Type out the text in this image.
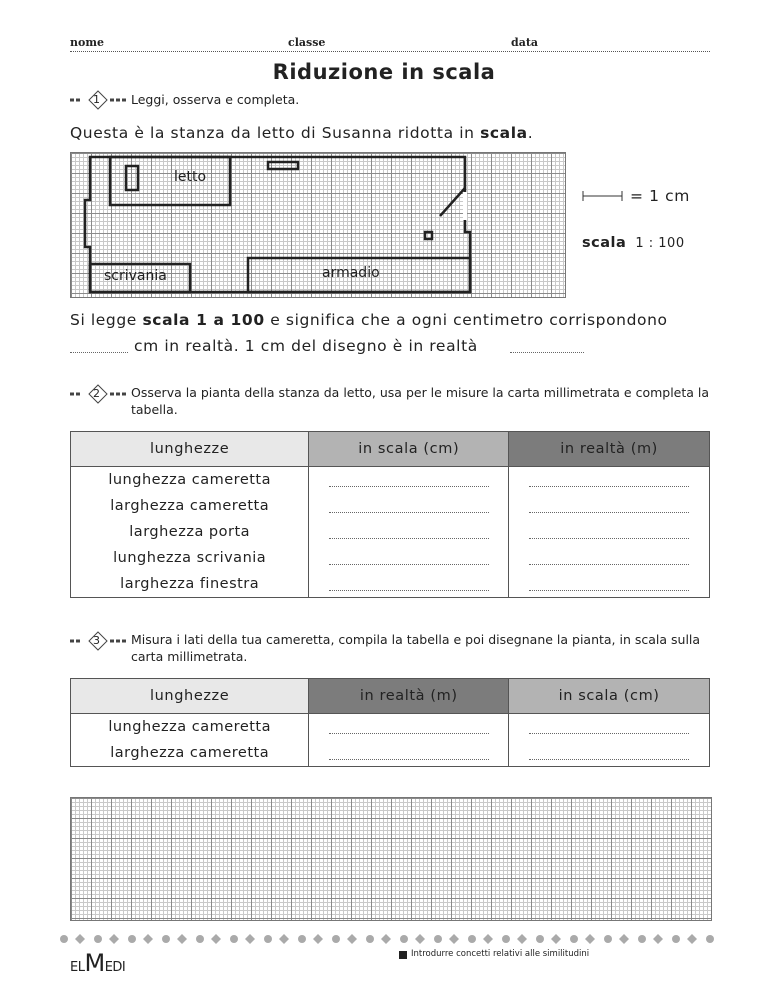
nome	classe	data
Riduzione in scala
1 Leggi, osserva e completa.
Questa è la stanza da letto di Susanna ridotta in scala.
letto
scrivania	armadio
= 1 cm
scala 1 : 100
Si legge scala 1 a 100 e significa che a ogni centimetro corrispondono
cm in realtà. 1 cm del disegno è in realtà
2 Osserva la pianta della stanza da letto, usa per le misure la carta millimetrata e completa la tabella.
lunghezze	in scala (cm)	in realtà (m)
lunghezza cameretta	

larghezza cameretta	

larghezza porta	

lunghezza scrivania	

larghezza finestra	

3 Misura i lati della tua cameretta, compila la tabella e poi disegnane la pianta, in scala sulla carta millimetrata.
lunghezze	in realtà (m)	in scala (cm)
lunghezza cameretta	

larghezza cameretta	

ELMEDI
Introdurre concetti relativi alle similitudini
